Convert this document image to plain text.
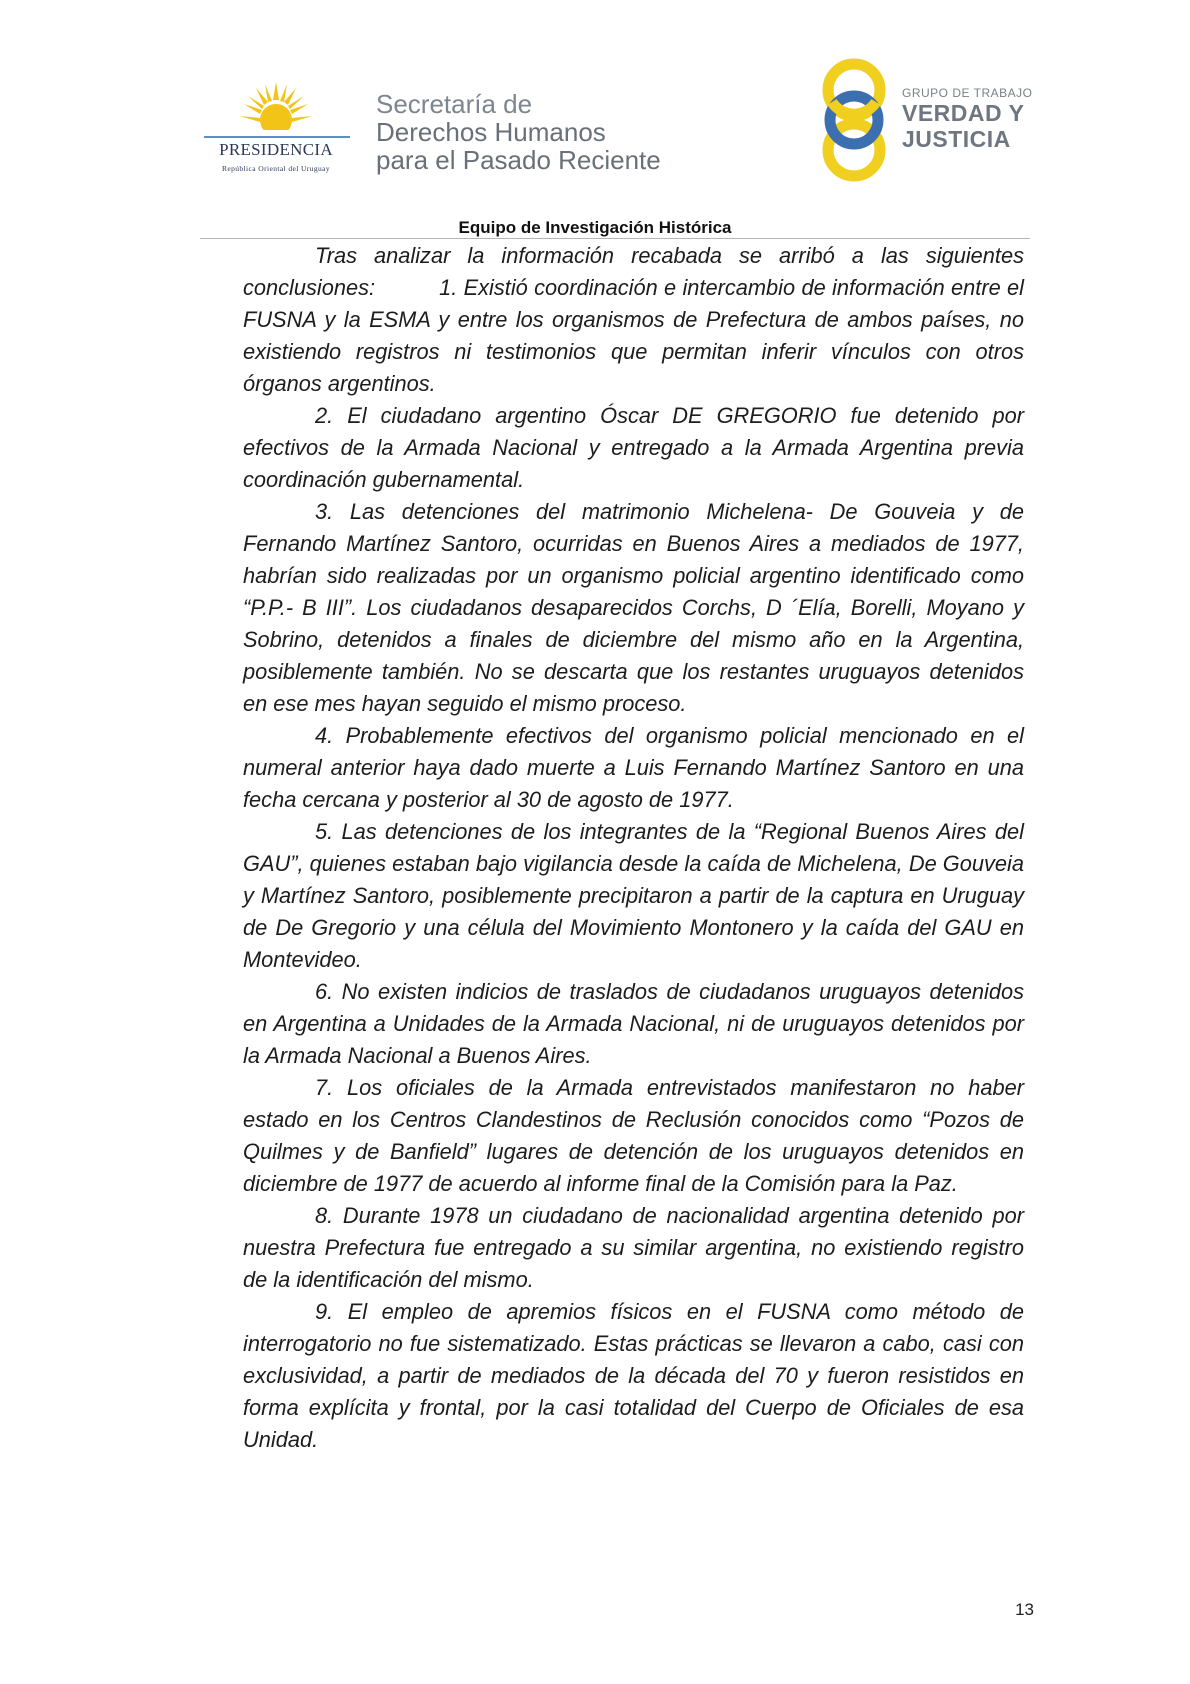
PRESIDENCIA
República Oriental del Uruguay
Secretaría de
Derechos Humanos
para el Pasado Reciente
GRUPO DE TRABAJO
VERDAD Y
JUSTICIA
Equipo de Investigación Histórica

Tras analizar la información recabada se arribó a las siguientes conclusiones:	1. Existió coordinación e intercambio de información entre el FUSNA y la ESMA y entre los organismos de Prefectura de ambos países, no existiendo registros ni testimonios que permitan inferir vínculos con otros órganos argentinos.

2. El ciudadano argentino Óscar DE GREGORIO fue detenido por efectivos de la Armada Nacional y entregado a la Armada Argentina previa coordinación gubernamental.

3. Las detenciones del matrimonio Michelena- De Gouveia y de Fernando Martínez Santoro, ocurridas en Buenos Aires a mediados de 1977, habrían sido realizadas por un organismo policial argentino identificado como “P.P.- B III”. Los ciudadanos desaparecidos Corchs, D ´Elía, Borelli, Moyano y Sobrino, detenidos a finales de diciembre del mismo año en la Argentina, posiblemente también. No se descarta que los restantes uruguayos detenidos en ese mes hayan seguido el mismo proceso.

4. Probablemente efectivos del organismo policial mencionado en el numeral anterior haya dado muerte a Luis Fernando Martínez Santoro en una fecha cercana y posterior al 30 de agosto de 1977.

5. Las detenciones de los integrantes de la “Regional Buenos Aires del GAU”, quienes estaban bajo vigilancia desde la caída de Michelena, De Gouveia y Martínez Santoro, posiblemente precipitaron a partir de la captura en Uruguay de De Gregorio y una célula del Movimiento Montonero y la caída del GAU en Montevideo.

6. No existen indicios de traslados de ciudadanos uruguayos detenidos en Argentina a Unidades de la Armada Nacional, ni de uruguayos detenidos por la Armada Nacional a Buenos Aires.

7. Los oficiales de la Armada entrevistados manifestaron no haber estado en los Centros Clandestinos de Reclusión conocidos como “Pozos de Quilmes y de Banfield” lugares de detención de los uruguayos detenidos en diciembre de 1977 de acuerdo al informe final de la Comisión para la Paz.

8. Durante 1978 un ciudadano de nacionalidad argentina detenido por nuestra Prefectura fue entregado a su similar argentina, no existiendo registro de la identificación del mismo.

9. El empleo de apremios físicos en el FUSNA como método de interrogatorio no fue sistematizado. Estas prácticas se llevaron a cabo, casi con exclusividad, a partir de mediados de la década del 70 y fueron resistidos en forma explícita y frontal, por la casi totalidad del Cuerpo de Oficiales de esa Unidad.

13
